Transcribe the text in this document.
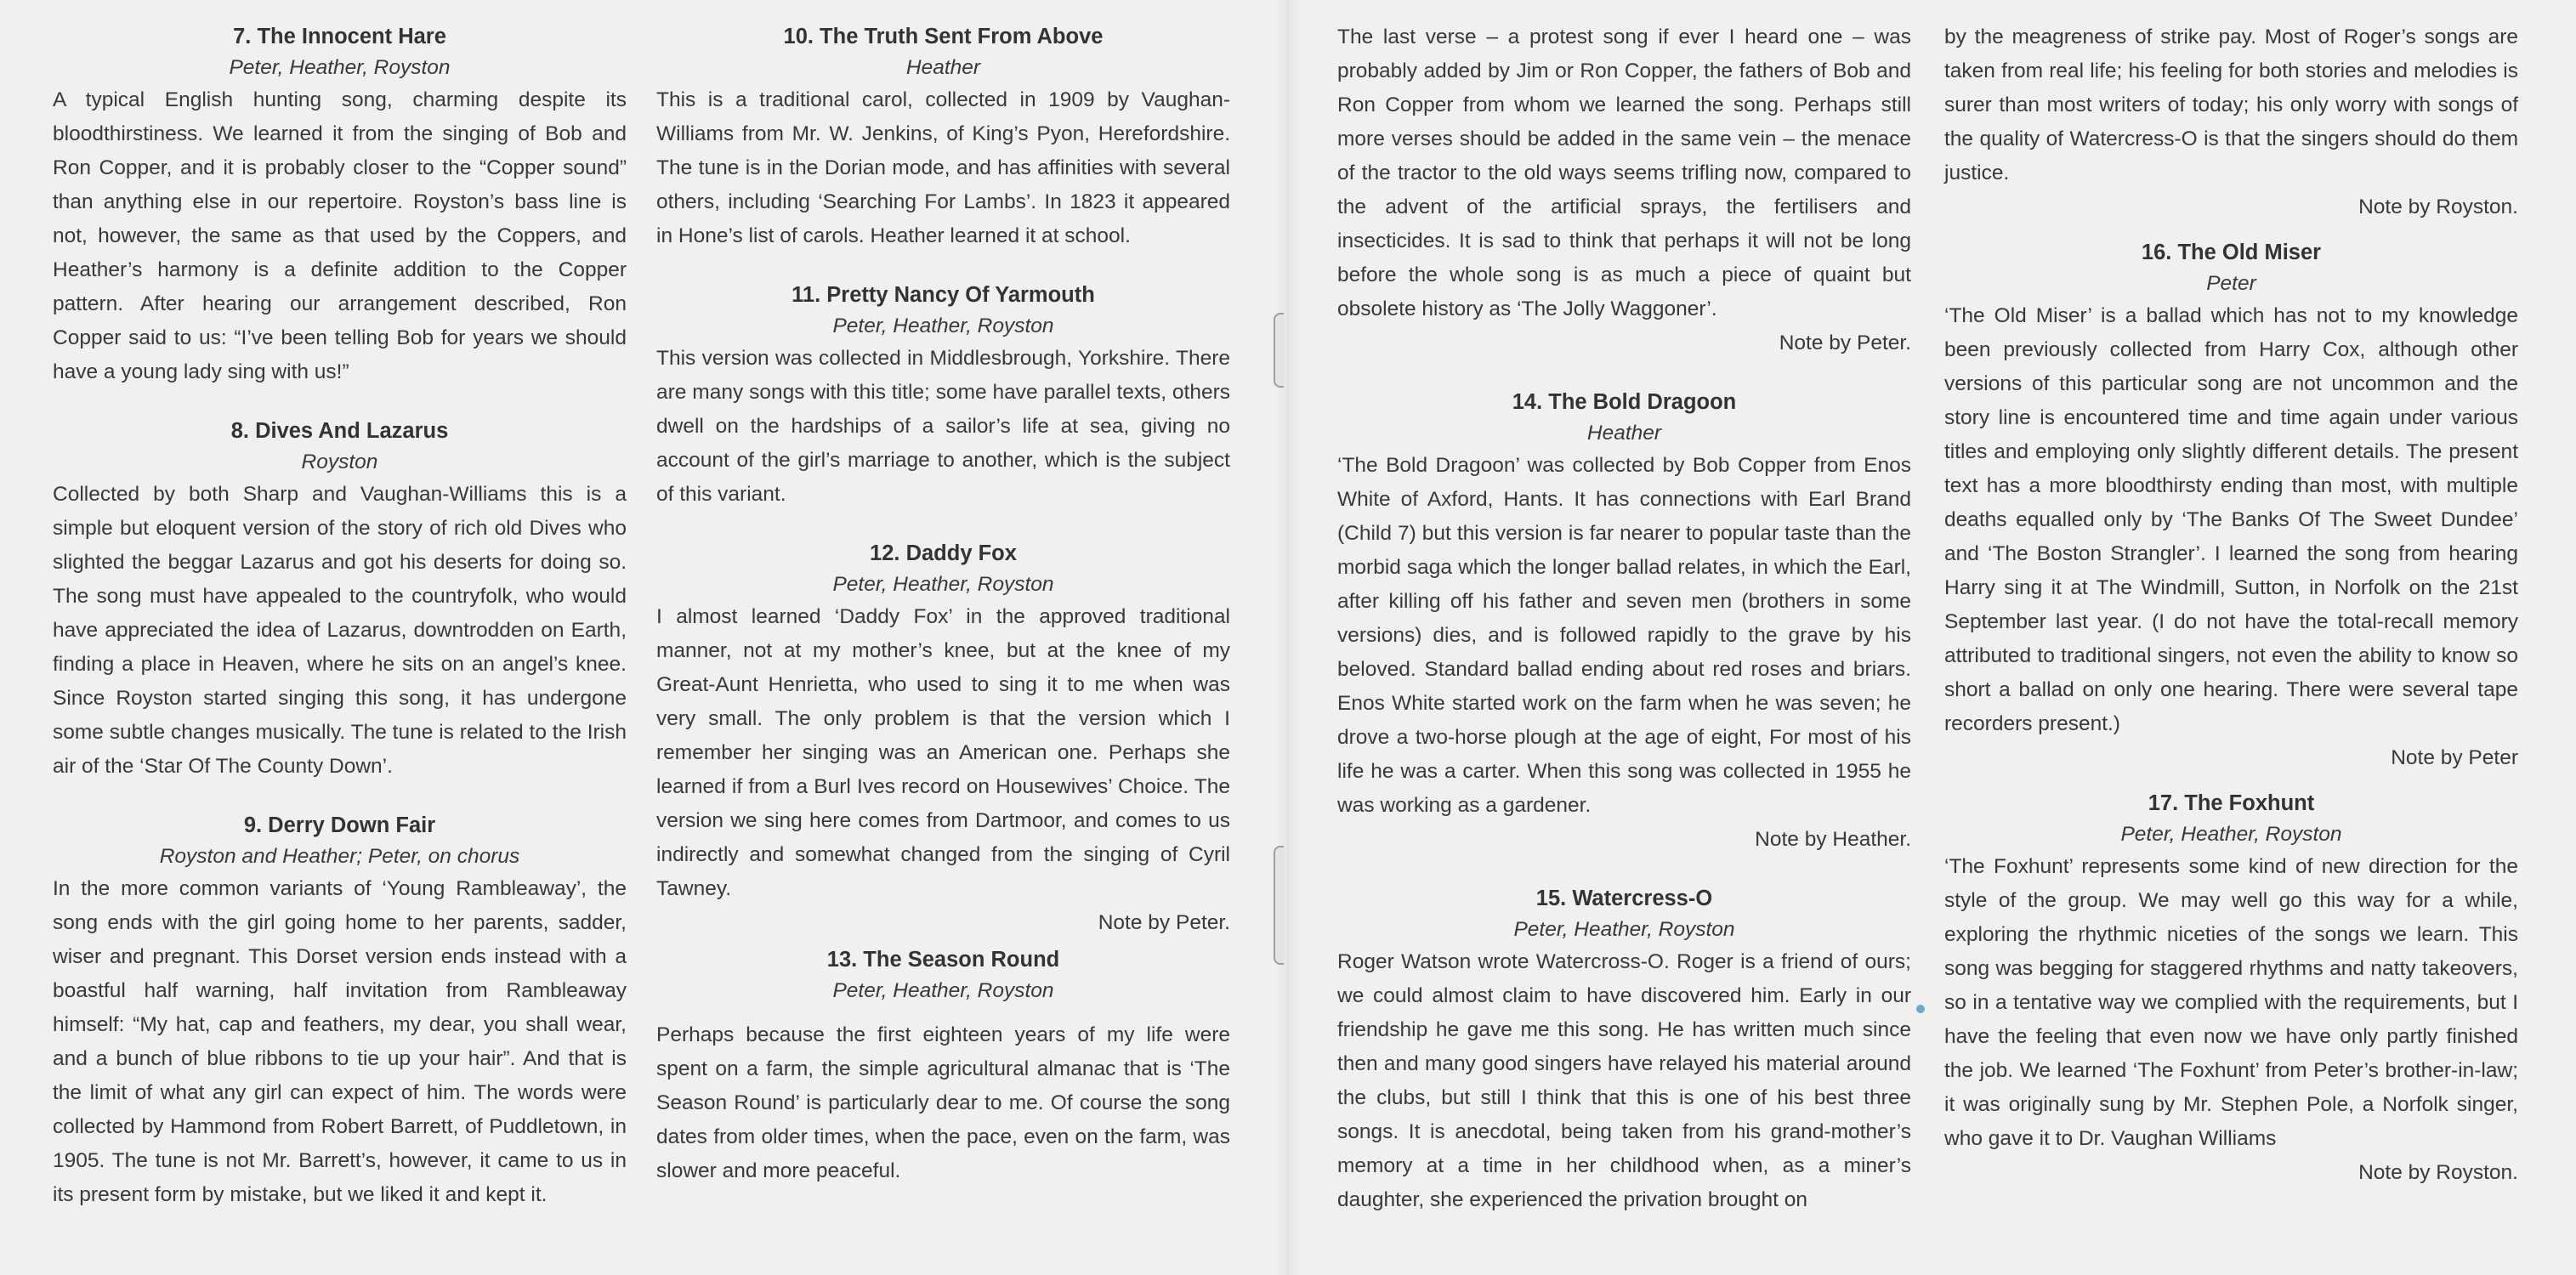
7. The Innocent Hare

Peter, Heather, Royston

A typical English hunting song, charming despite its bloodthirstiness. We learned it from the singing of Bob and Ron Copper, and it is probably closer to the “Copper sound” than anything else in our repertoire. Royston’s bass line is not, however, the same as that used by the Coppers, and Heather’s harmony is a definite addition to the Copper pattern. After hearing our arrangement described, Ron Copper said to us: “I’ve been telling Bob for years we should have a young lady sing with us!”

8. Dives And Lazarus

Royston

Collected by both Sharp and Vaughan-Williams this is a simple but eloquent version of the story of rich old Dives who slighted the beggar Lazarus and got his deserts for doing so. The song must have appealed to the countryfolk, who would have appreciated the idea of Lazarus, downtrodden on Earth, finding a place in Heaven, where he sits on an angel’s knee. Since Royston started singing this song, it has undergone some subtle changes musically. The tune is related to the Irish air of the ‘Star Of The County Down’.

9. Derry Down Fair

Royston and Heather; Peter, on chorus

In the more common variants of ‘Young Rambleaway’, the song ends with the girl going home to her parents, sadder, wiser and pregnant. This Dorset version ends instead with a boastful half warning, half invitation from Rambleaway himself: “My hat, cap and feathers, my dear, you shall wear, and a bunch of blue ribbons to tie up your hair”. And that is the limit of what any girl can expect of him. The words were collected by Hammond from Robert Barrett, of Puddletown, in 1905. The tune is not Mr. Barrett’s, however, it came to us in its present form by mistake, but we liked it and kept it.

10. The Truth Sent From Above

Heather

This is a traditional carol, collected in 1909 by Vaughan-Williams from Mr. W. Jenkins, of King’s Pyon, Herefordshire. The tune is in the Dorian mode, and has affinities with several others, including ‘Searching For Lambs’. In 1823 it appeared in Hone’s list of carols. Heather learned it at school.

11. Pretty Nancy Of Yarmouth

Peter, Heather, Royston

This version was collected in Middlesbrough, Yorkshire. There are many songs with this title; some have parallel texts, others dwell on the hardships of a sailor’s life at sea, giving no account of the girl’s marriage to another, which is the subject of this variant.

12. Daddy Fox

Peter, Heather, Royston

I almost learned ‘Daddy Fox’ in the approved traditional manner, not at my mother’s knee, but at the knee of my Great-Aunt Henrietta, who used to sing it to me when was very small. The only problem is that the version which I remember her singing was an American one. Perhaps she learned if from a Burl Ives record on Housewives’ Choice. The version we sing here comes from Dartmoor, and comes to us indirectly and somewhat changed from the singing of Cyril Tawney.

Note by Peter.

13. The Season Round

Peter, Heather, Royston

Perhaps because the first eighteen years of my life were spent on a farm, the simple agricultural almanac that is ‘The Season Round’ is particularly dear to me. Of course the song dates from older times, when the pace, even on the farm, was slower and more peaceful.

The last verse – a protest song if ever I heard one – was probably added by Jim or Ron Copper, the fathers of Bob and Ron Copper from whom we learned the song. Perhaps still more verses should be added in the same vein – the menace of the tractor to the old ways seems trifling now, compared to the advent of the artificial sprays, the fertilisers and insecticides. It is sad to think that perhaps it will not be long before the whole song is as much a piece of quaint but obsolete history as ‘The Jolly Waggoner’.

Note by Peter.

14. The Bold Dragoon

Heather

‘The Bold Dragoon’ was collected by Bob Copper from Enos White of Axford, Hants. It has connections with Earl Brand (Child 7) but this version is far nearer to popular taste than the morbid saga which the longer ballad relates, in which the Earl, after killing off his father and seven men (brothers in some versions) dies, and is followed rapidly to the grave by his beloved. Standard ballad ending about red roses and briars. Enos White started work on the farm when he was seven; he drove a two-horse plough at the age of eight, For most of his life he was a carter. When this song was collected in 1955 he was working as a gardener.

Note by Heather.

15. Watercress-O

Peter, Heather, Royston

Roger Watson wrote Watercross-O. Roger is a friend of ours; we could almost claim to have discovered him. Early in our friendship he gave me this song. He has written much since then and many good singers have relayed his material around the clubs, but still I think that this is one of his best three songs. It is anecdotal, being taken from his grand-mother’s memory at a time in her childhood when, as a miner’s daughter, she experienced the privation brought on

by the meagreness of strike pay. Most of Roger’s songs are taken from real life; his feeling for both stories and melodies is surer than most writers of today; his only worry with songs of the quality of Watercress-O is that the singers should do them justice.

Note by Royston.

16. The Old Miser

Peter

‘The Old Miser’ is a ballad which has not to my knowledge been previously collected from Harry Cox, although other versions of this particular song are not uncommon and the story line is encountered time and time again under various titles and employing only slightly different details. The present text has a more bloodthirsty ending than most, with multiple deaths equalled only by ‘The Banks Of The Sweet Dundee’ and ‘The Boston Strangler’. I learned the song from hearing Harry sing it at The Windmill, Sutton, in Norfolk on the 21st September last year. (I do not have the total-recall memory attributed to traditional singers, not even the ability to know so short a ballad on only one hearing. There were several tape recorders present.)

Note by Peter

17. The Foxhunt

Peter, Heather, Royston

‘The Foxhunt’ represents some kind of new direction for the style of the group. We may well go this way for a while, exploring the rhythmic niceties of the songs we learn. This song was begging for staggered rhythms and natty takeovers, so in a tentative way we complied with the requirements, but I have the feeling that even now we have only partly finished the job. We learned ‘The Foxhunt’ from Peter’s brother-in-law; it was originally sung by Mr. Stephen Pole, a Norfolk singer, who gave it to Dr. Vaughan Williams

Note by Royston.
